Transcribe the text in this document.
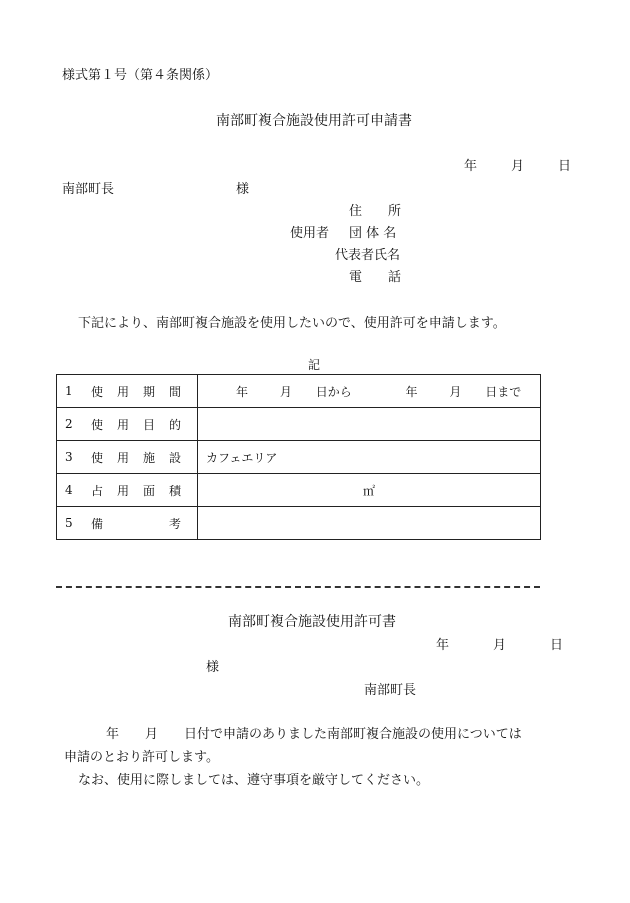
様式第１号（第４条関係）
南部町複合施設使用許可申請書
年	月	日
南部町長	様
住　　所
使用者 団 体 名
代表者氏名
電　　話
下記により、南部町複合施設を使用したいので、使用許可を申請します。
記
1 使 用 期 間	年 月 日から 年 月 日まで

2 使 用 目 的	

3 使 用 施 設	カフェエリア

4 占 用 面 積	㎡

5 備 考	

南部町複合施設使用許可書
年	月	日
様
南部町長
年　　月　　日付で申請のありました南部町複合施設の使用については
申請のとおり許可します。
なお、使用に際しましては、遵守事項を厳守してください。
